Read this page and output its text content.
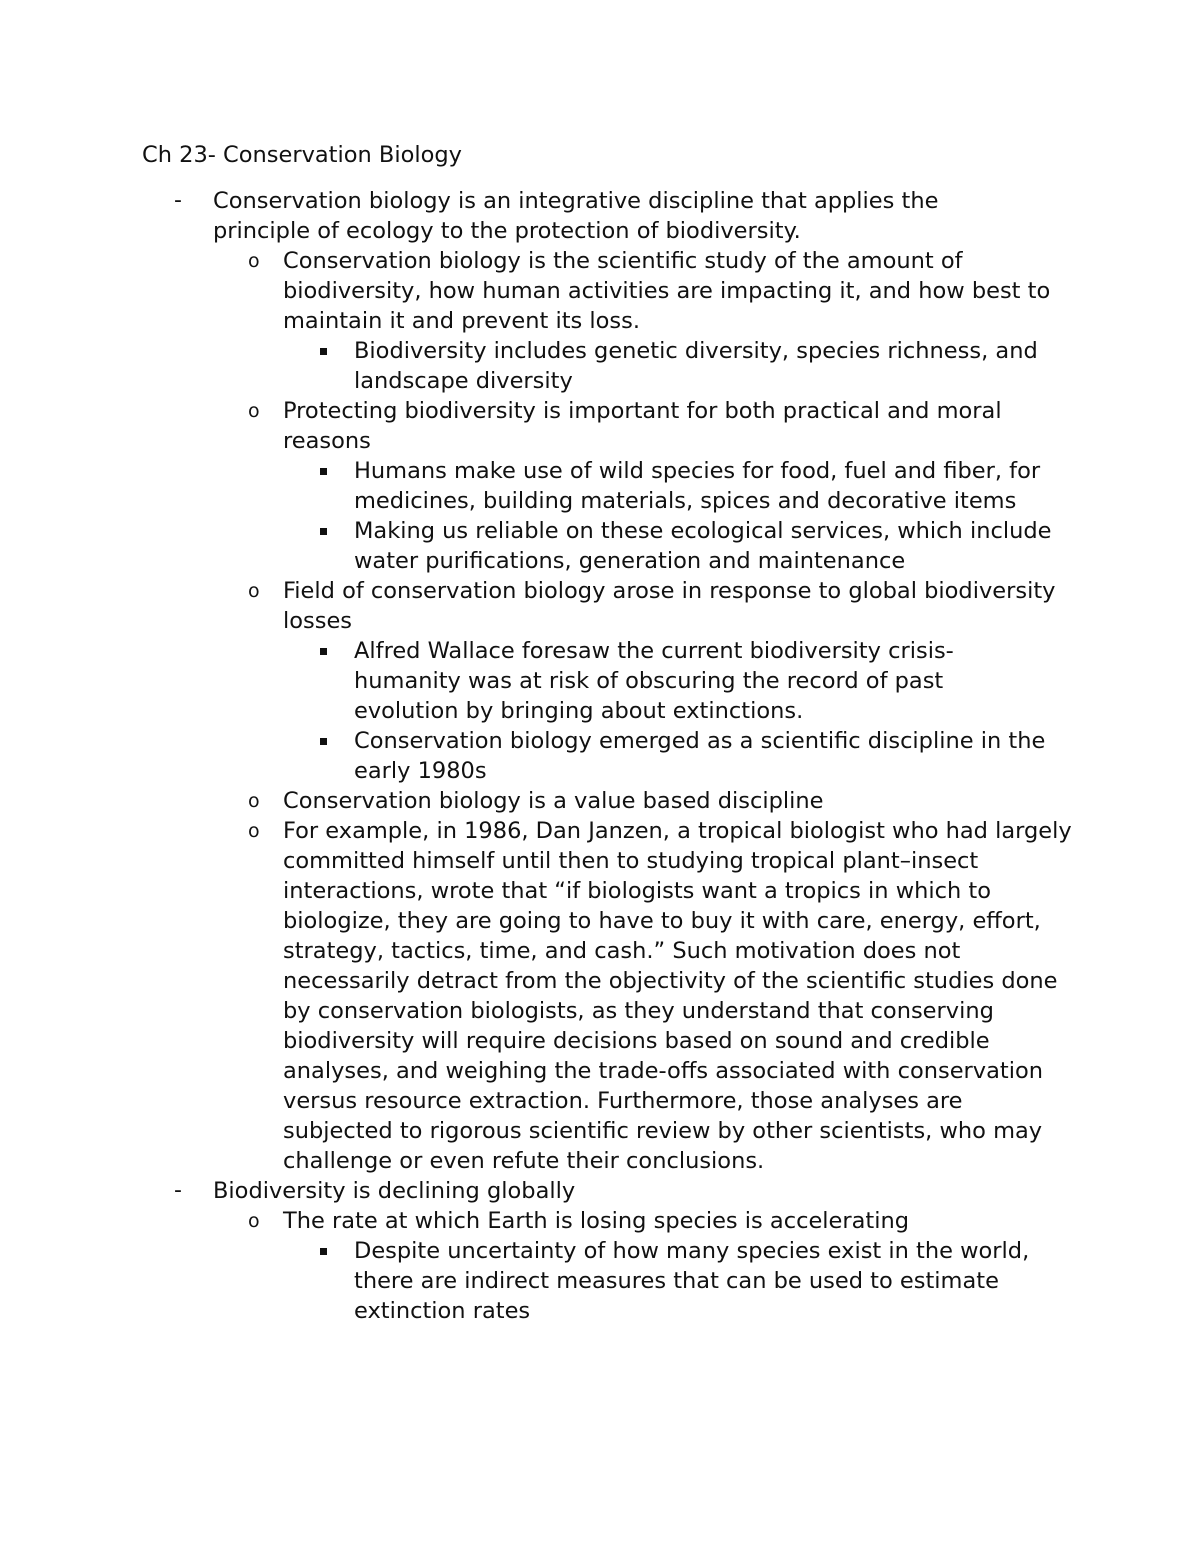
Ch 23- Conservation Biology
- Conservation biology is an integrative discipline that applies the principle of ecology to the protection of biodiversity.
o Conservation biology is the scientific study of the amount of biodiversity, how human activities are impacting it, and how best to maintain it and prevent its loss.
Biodiversity includes genetic diversity, species richness, and landscape diversity
o Protecting biodiversity is important for both practical and moral reasons
Humans make use of wild species for food, fuel and fiber, for medicines, building materials, spices and decorative items
Making us reliable on these ecological services, which include water purifications, generation and maintenance
o Field of conservation biology arose in response to global biodiversity losses
Alfred Wallace foresaw the current biodiversity crisis- humanity was at risk of obscuring the record of past evolution by bringing about extinctions.
Conservation biology emerged as a scientific discipline in the early 1980s
o Conservation biology is a value based discipline
o For example, in 1986, Dan Janzen, a tropical biologist who had largely committed himself until then to studying tropical plant–insect interactions, wrote that “if biologists want a tropics in which to biologize, they are going to have to buy it with care, energy, effort, strategy, tactics, time, and cash.” Such motivation does not necessarily detract from the objectivity of the scientific studies done by conservation biologists, as they understand that conserving biodiversity will require decisions based on sound and credible analyses, and weighing the trade-offs associated with conservation versus resource extraction. Furthermore, those analyses are subjected to rigorous scientific review by other scientists, who may challenge or even refute their conclusions.
- Biodiversity is declining globally
o The rate at which Earth is losing species is accelerating
Despite uncertainty of how many species exist in the world, there are indirect measures that can be used to estimate extinction rates
